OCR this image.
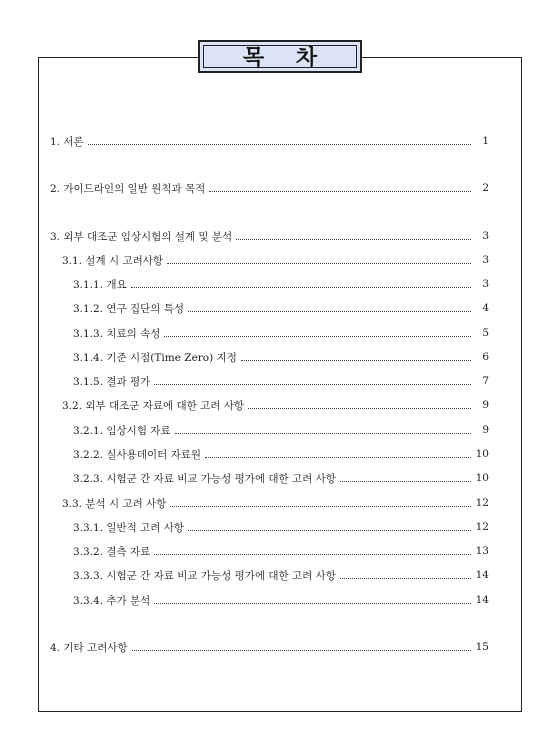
목 차
1. 서론	1
2. 가이드라인의 일반 원칙과 목적	2
3. 외부 대조군 임상시험의 설계 및 분석	3
3.1. 설계 시 고려사항	3
3.1.1. 개요	3
3.1.2. 연구 집단의 특성	4
3.1.3. 치료의 속성	5
3.1.4. 기준 시점(Time Zero) 지정	6
3.1.5. 결과 평가	7
3.2. 외부 대조군 자료에 대한 고려 사항	9
3.2.1. 임상시험 자료	9
3.2.2. 실사용데이터 자료원	10
3.2.3. 시험군 간 자료 비교 가능성 평가에 대한 고려 사항	10
3.3. 분석 시 고려 사항	12
3.3.1. 일반적 고려 사항	12
3.3.2. 결측 자료	13
3.3.3. 시험군 간 자료 비교 가능성 평가에 대한 고려 사항	14
3.3.4. 추가 분석	14
4. 기타 고려사항	15
